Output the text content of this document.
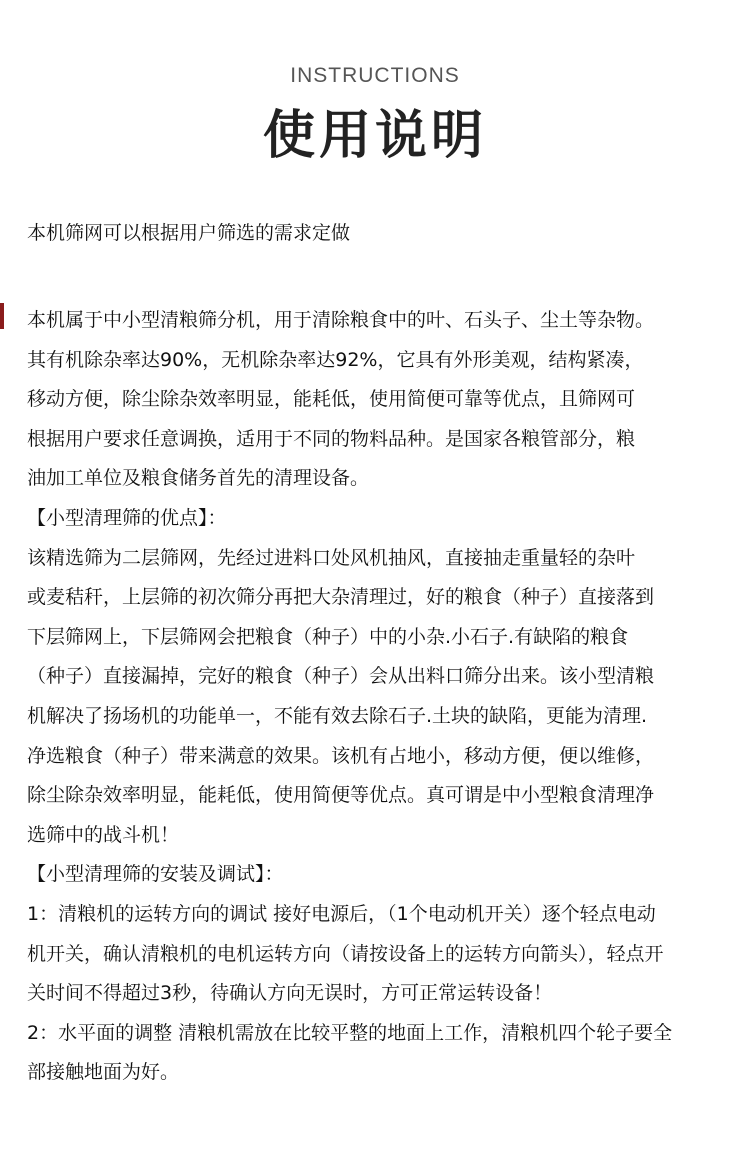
INSTRUCTIONS
使用说明
本机筛网可以根据用户筛选的需求定做
本机属于中小型清粮筛分机，用于清除粮食中的叶、石头子、尘土等杂物。
其有机除杂率达90%，无机除杂率达92%，它具有外形美观，结构紧凑，
移动方便，除尘除杂效率明显，能耗低，使用简便可靠等优点，且筛网可
根据用户要求任意调换，适用于不同的物料品种。是国家各粮管部分，粮
油加工单位及粮食储务首先的清理设备。
【小型清理筛的优点】：
该精选筛为二层筛网，先经过进料口处风机抽风，直接抽走重量轻的杂叶
或麦秸秆，上层筛的初次筛分再把大杂清理过，好的粮食（种子）直接落到
下层筛网上，下层筛网会把粮食（种子）中的小杂.小石子.有缺陷的粮食
（种子）直接漏掉，完好的粮食（种子）会从出料口筛分出来。该小型清粮
机解决了扬场机的功能单一，不能有效去除石子.土块的缺陷，更能为清理.
净选粮食（种子）带来满意的效果。该机有占地小，移动方便，便以维修，
除尘除杂效率明显，能耗低，使用简便等优点。真可谓是中小型粮食清理净
选筛中的战斗机！
【小型清理筛的安装及调试】：
1：清粮机的运转方向的调试 接好电源后，（1个电动机开关）逐个轻点电动
机开关，确认清粮机的电机运转方向（请按设备上的运转方向箭头），轻点开
关时间不得超过3秒，待确认方向无误时，方可正常运转设备！
2：水平面的调整 清粮机需放在比较平整的地面上工作，清粮机四个轮子要全
部接触地面为好。
